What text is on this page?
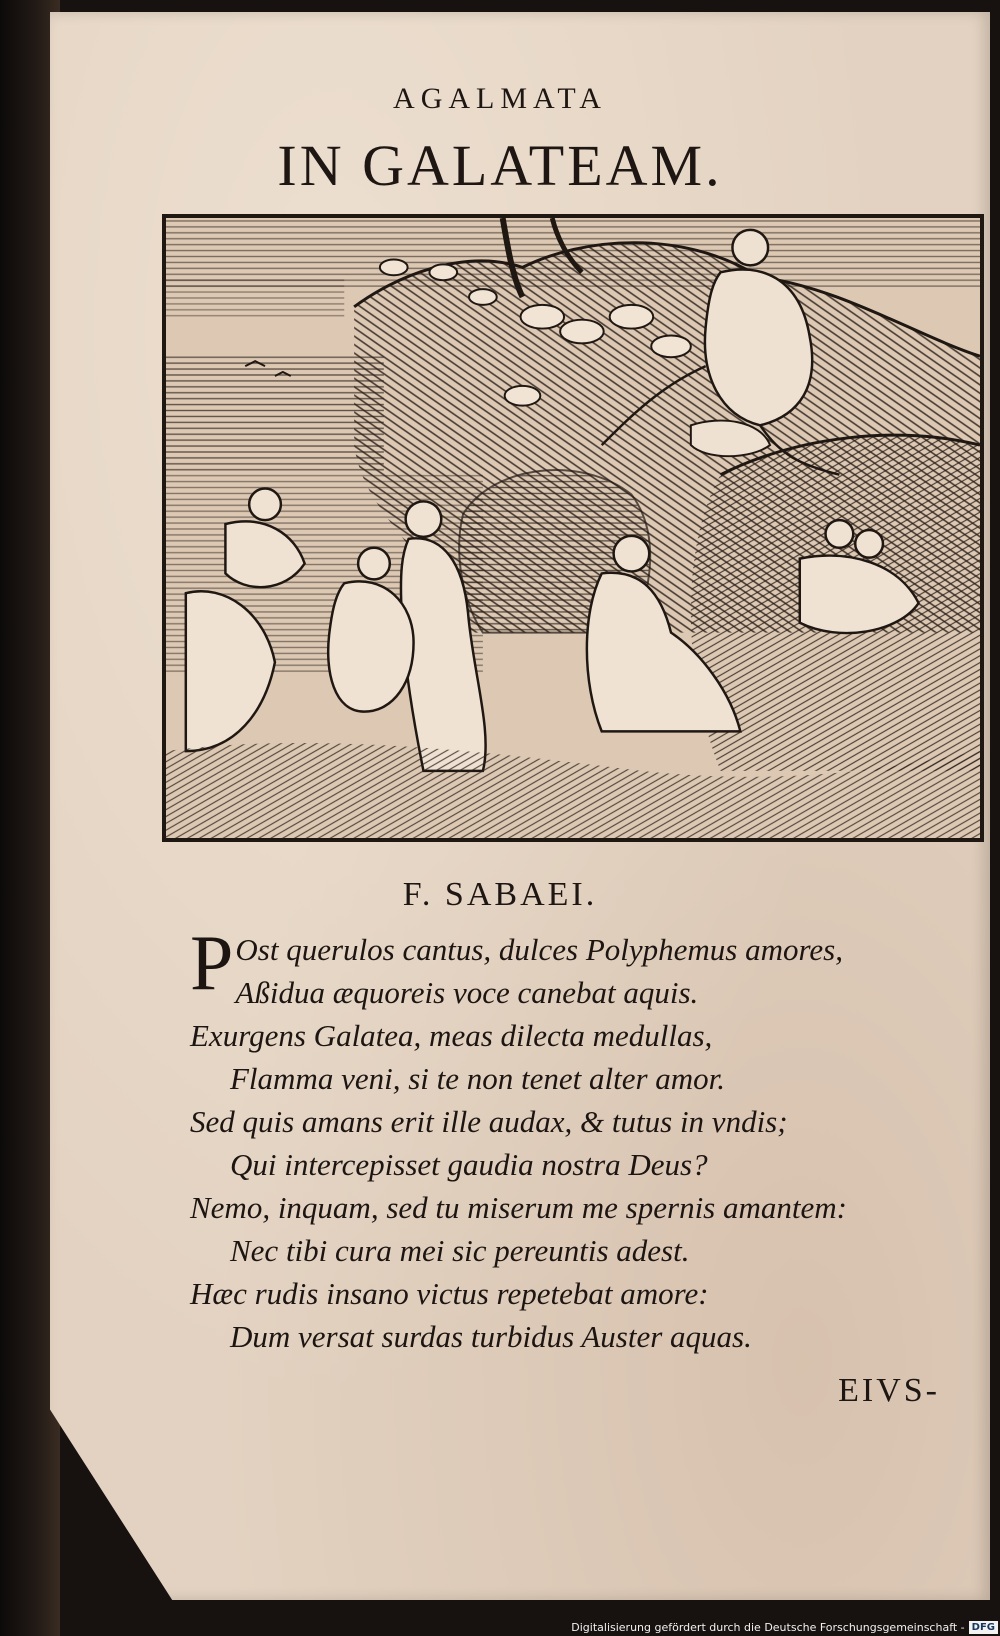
AGALMATA
IN GALATEAM.
F. SABAEI.
P Ost querulos cantus, dulces Polyphemus amores,
Aßidua æquoreis voce canebat aquis.
Exurgens Galatea, meas dilecta medullas,
Flamma veni, si te non tenet alter amor.
Sed quis amans erit ille audax, & tutus in vndis;
Qui intercepisset gaudia nostra Deus?
Nemo, inquam, sed tu miserum me spernis amantem:
Nec tibi cura mei sic pereuntis adest.
Hæc rudis insano victus repetebat amore:
Dum versat surdas turbidus Auster aquas.
EIVS-
Digitalisierung gefördert durch die Deutsche Forschungsgemeinschaft - DFG
